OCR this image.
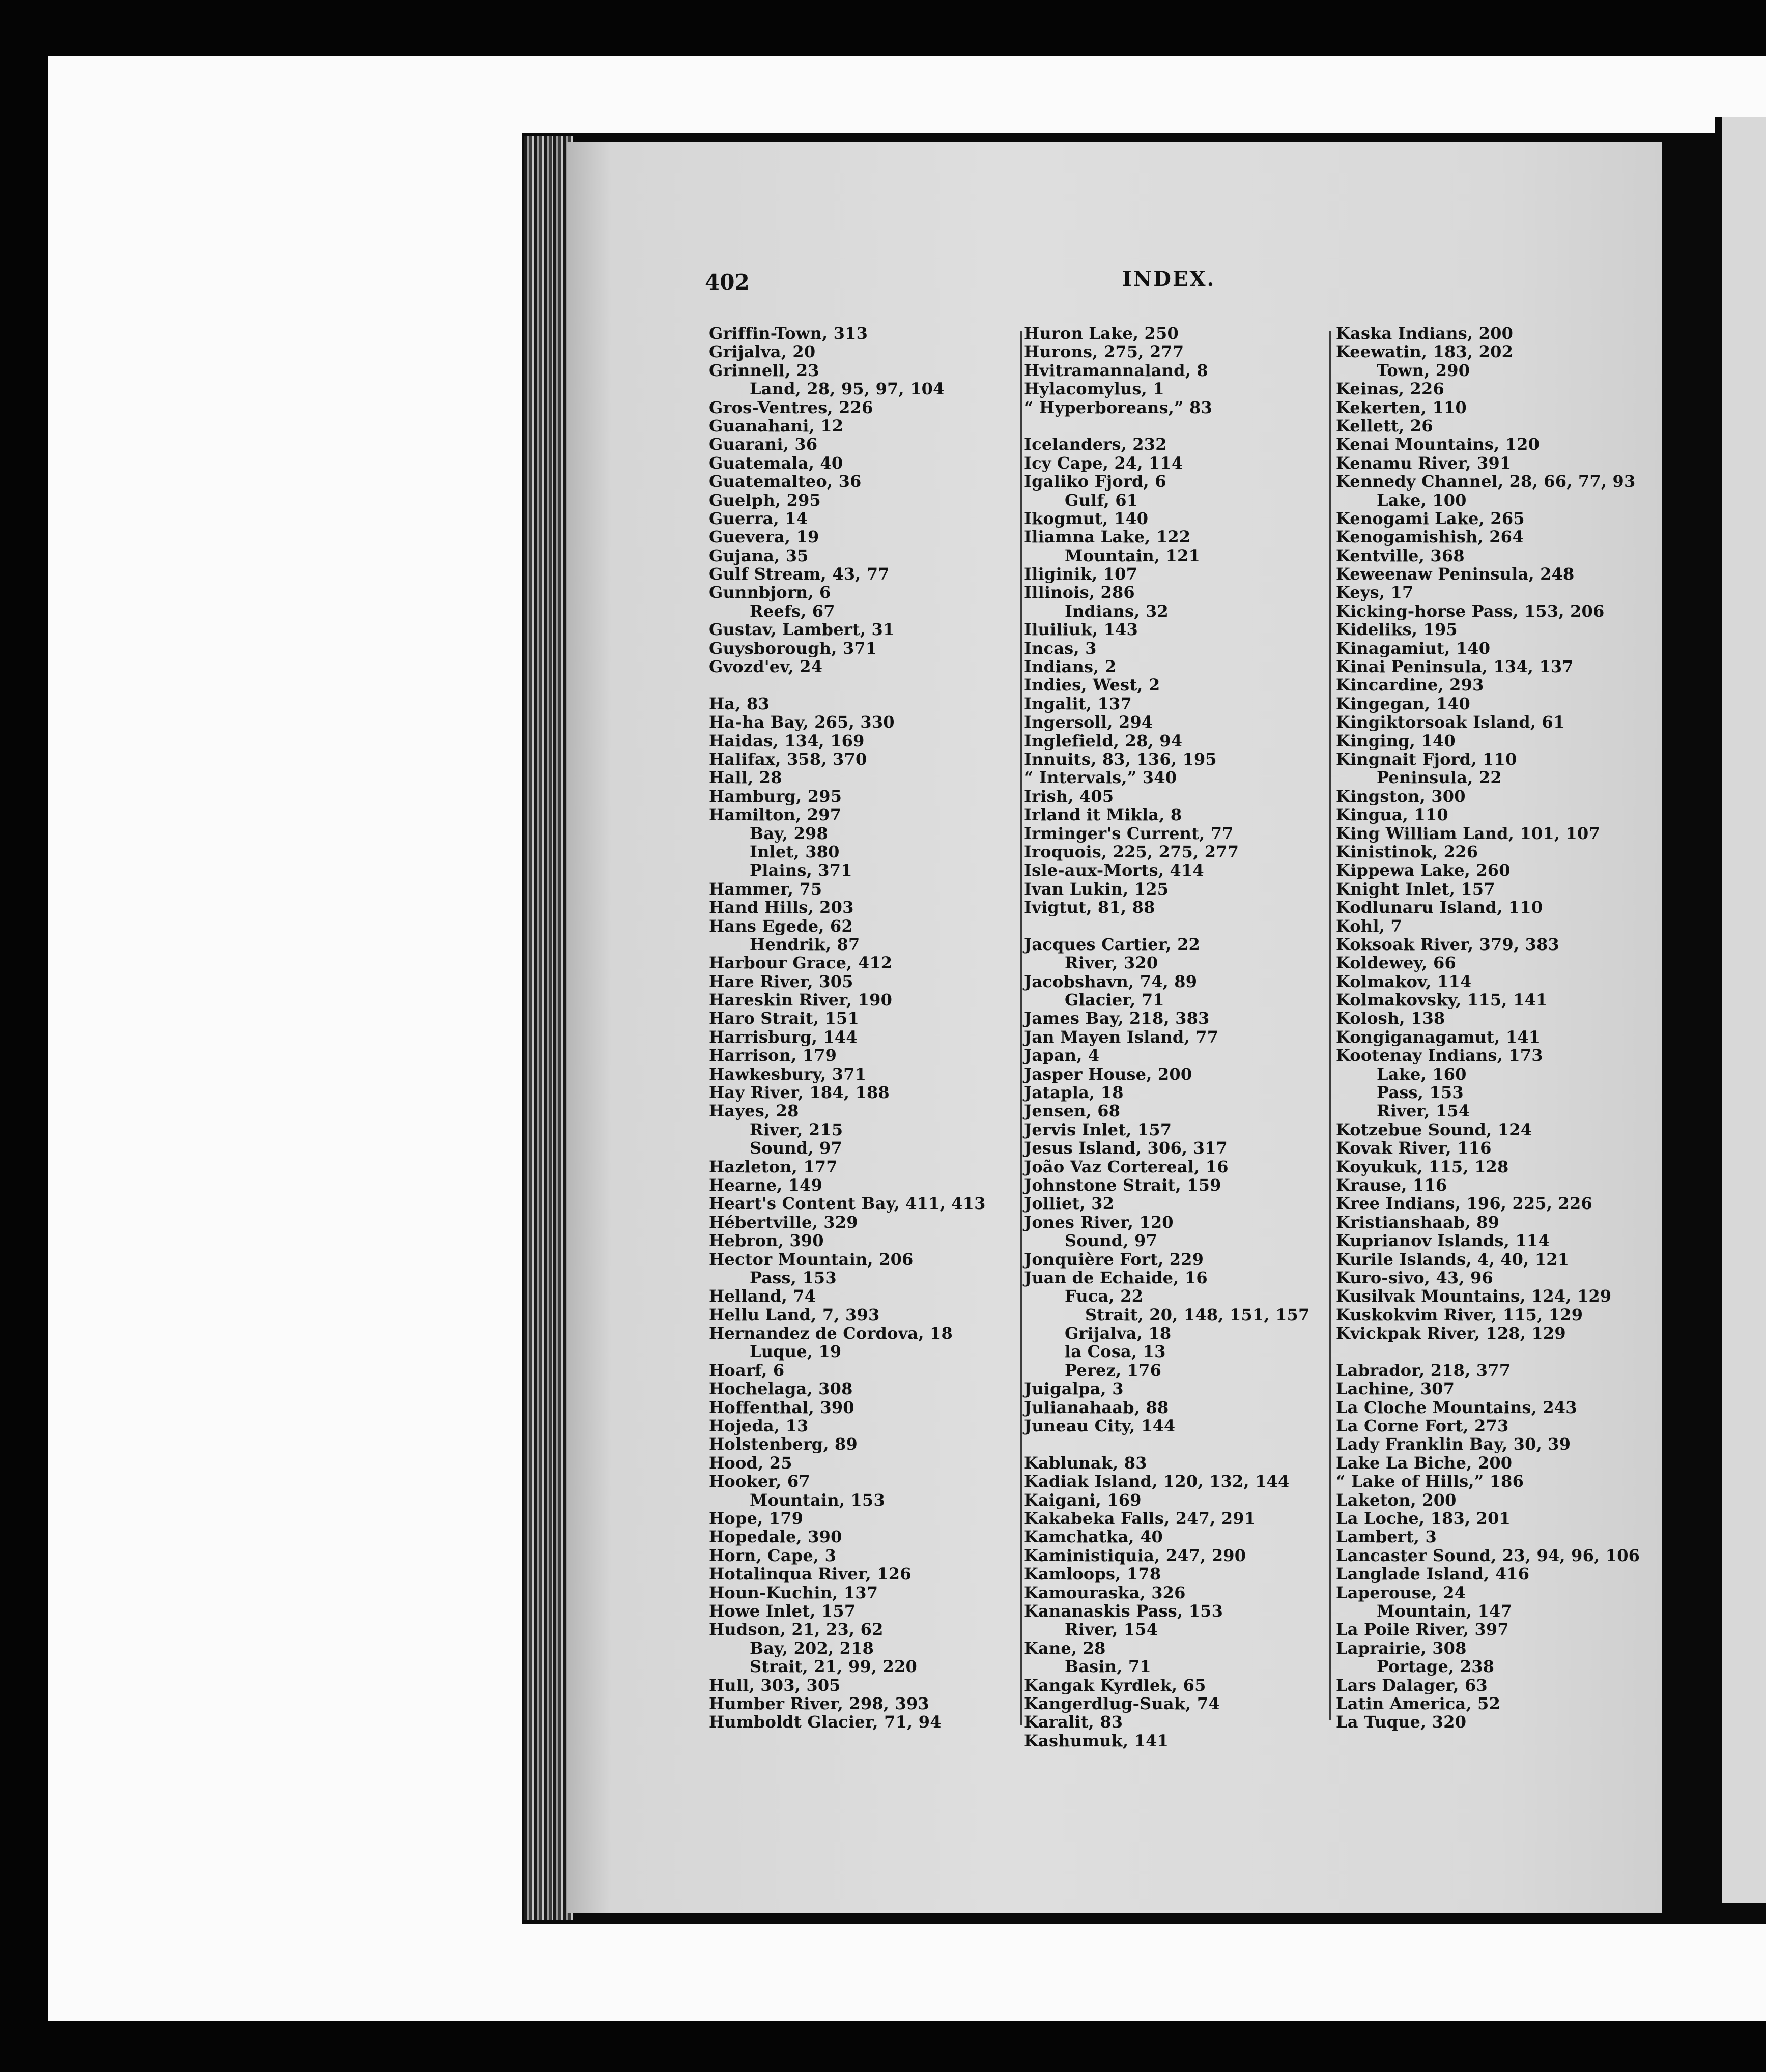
402	INDEX.
Griffin-Town, 313
Grijalva, 20
Grinnell, 23
Land, 28, 95, 97, 104
Gros-Ventres, 226
Guanahani, 12
Guarani, 36
Guatemala, 40
Guatemalteo, 36
Guelph, 295
Guerra, 14
Guevera, 19
Gujana, 35
Gulf Stream, 43, 77
Gunnbjorn, 6
Reefs, 67
Gustav, Lambert, 31
Guysborough, 371
Gvozd'ev, 24
Ha, 83
Ha-ha Bay, 265, 330
Haidas, 134, 169
Halifax, 358, 370
Hall, 28
Hamburg, 295
Hamilton, 297
Bay, 298
Inlet, 380
Plains, 371
Hammer, 75
Hand Hills, 203
Hans Egede, 62
Hendrik, 87
Harbour Grace, 412
Hare River, 305
Hareskin River, 190
Haro Strait, 151
Harrisburg, 144
Harrison, 179
Hawkesbury, 371
Hay River, 184, 188
Hayes, 28
River, 215
Sound, 97
Hazleton, 177
Hearne, 149
Heart's Content Bay, 411, 413
Hébertville, 329
Hebron, 390
Hector Mountain, 206
Pass, 153
Helland, 74
Hellu Land, 7, 393
Hernandez de Cordova, 18
Luque, 19
Hoarf, 6
Hochelaga, 308
Hoffenthal, 390
Hojeda, 13
Holstenberg, 89
Hood, 25
Hooker, 67
Mountain, 153
Hope, 179
Hopedale, 390
Horn, Cape, 3
Hotalinqua River, 126
Houn-Kuchin, 137
Howe Inlet, 157
Hudson, 21, 23, 62
Bay, 202, 218
Strait, 21, 99, 220
Hull, 303, 305
Humber River, 298, 393
Humboldt Glacier, 71, 94
Huron Lake, 250
Hurons, 275, 277
Hvitramannaland, 8
Hylacomylus, 1
“ Hyperboreans,” 83
Icelanders, 232
Icy Cape, 24, 114
Igaliko Fjord, 6
Gulf, 61
Ikogmut, 140
Iliamna Lake, 122
Mountain, 121
Iliginik, 107
Illinois, 286
Indians, 32
Iluiliuk, 143
Incas, 3
Indians, 2
Indies, West, 2
Ingalit, 137
Ingersoll, 294
Inglefield, 28, 94
Innuits, 83, 136, 195
“ Intervals,” 340
Irish, 405
Irland it Mikla, 8
Irminger's Current, 77
Iroquois, 225, 275, 277
Isle-aux-Morts, 414
Ivan Lukin, 125
Ivigtut, 81, 88
Jacques Cartier, 22
River, 320
Jacobshavn, 74, 89
Glacier, 71
James Bay, 218, 383
Jan Mayen Island, 77
Japan, 4
Jasper House, 200
Jatapla, 18
Jensen, 68
Jervis Inlet, 157
Jesus Island, 306, 317
João Vaz Cortereal, 16
Johnstone Strait, 159
Jolliet, 32
Jones River, 120
Sound, 97
Jonquière Fort, 229
Juan de Echaide, 16
Fuca, 22
Strait, 20, 148, 151, 157
Grijalva, 18
la Cosa, 13
Perez, 176
Juigalpa, 3
Julianahaab, 88
Juneau City, 144
Kablunak, 83
Kadiak Island, 120, 132, 144
Kaigani, 169
Kakabeka Falls, 247, 291
Kamchatka, 40
Kaministiquia, 247, 290
Kamloops, 178
Kamouraska, 326
Kananaskis Pass, 153
River, 154
Kane, 28
Basin, 71
Kangak Kyrdlek, 65
Kangerdlug-Suak, 74
Karalit, 83
Kashumuk, 141
Kaska Indians, 200
Keewatin, 183, 202
Town, 290
Keinas, 226
Kekerten, 110
Kellett, 26
Kenai Mountains, 120
Kenamu River, 391
Kennedy Channel, 28, 66, 77, 93
Lake, 100
Kenogami Lake, 265
Kenogamishish, 264
Kentville, 368
Keweenaw Peninsula, 248
Keys, 17
Kicking-horse Pass, 153, 206
Kideliks, 195
Kinagamiut, 140
Kinai Peninsula, 134, 137
Kincardine, 293
Kingegan, 140
Kingiktorsoak Island, 61
Kinging, 140
Kingnait Fjord, 110
Peninsula, 22
Kingston, 300
Kingua, 110
King William Land, 101, 107
Kinistinok, 226
Kippewa Lake, 260
Knight Inlet, 157
Kodlunaru Island, 110
Kohl, 7
Koksoak River, 379, 383
Koldewey, 66
Kolmakov, 114
Kolmakovsky, 115, 141
Kolosh, 138
Kongiganagamut, 141
Kootenay Indians, 173
Lake, 160
Pass, 153
River, 154
Kotzebue Sound, 124
Kovak River, 116
Koyukuk, 115, 128
Krause, 116
Kree Indians, 196, 225, 226
Kristianshaab, 89
Kuprianov Islands, 114
Kurile Islands, 4, 40, 121
Kuro-sivo, 43, 96
Kusilvak Mountains, 124, 129
Kuskokvim River, 115, 129
Kvickpak River, 128, 129
Labrador, 218, 377
Lachine, 307
La Cloche Mountains, 243
La Corne Fort, 273
Lady Franklin Bay, 30, 39
Lake La Biche, 200
“ Lake of Hills,” 186
Laketon, 200
La Loche, 183, 201
Lambert, 3
Lancaster Sound, 23, 94, 96, 106
Langlade Island, 416
Laperouse, 24
Mountain, 147
La Poile River, 397
Laprairie, 308
Portage, 238
Lars Dalager, 63
Latin America, 52
La Tuque, 320
